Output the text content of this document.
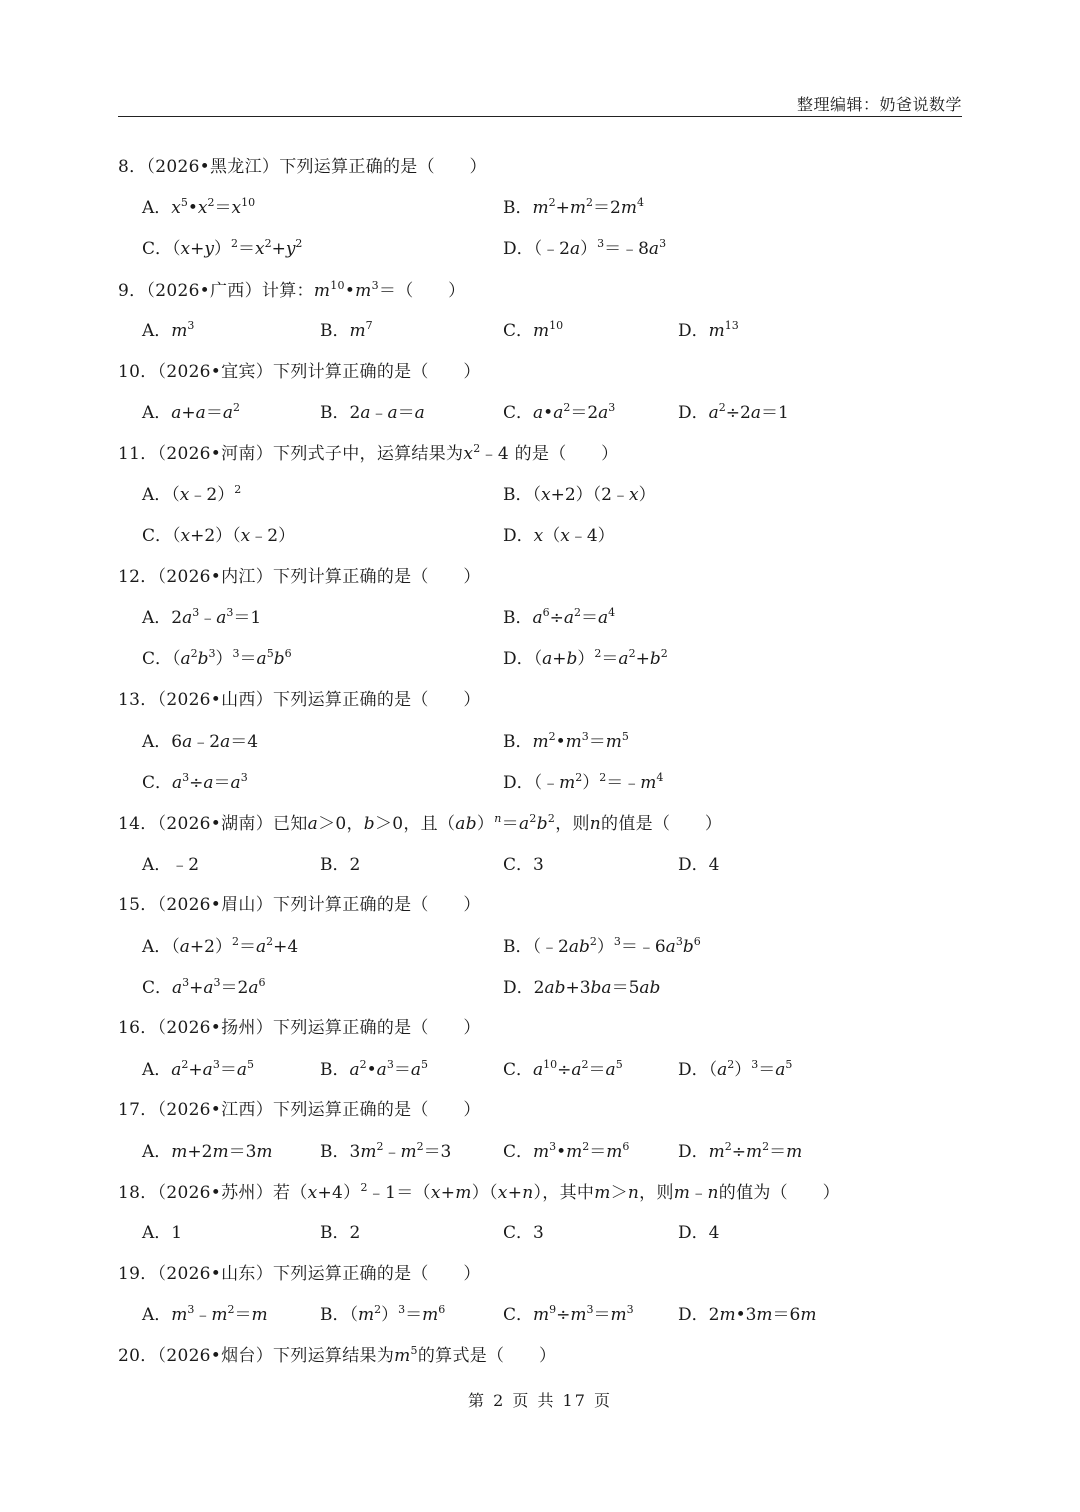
整理编辑：奶爸说数学
8．（2026•黑龙江）下列运算正确的是（　　）
A．$x^5•x^2=x^{10}$	B．$m^2+m^2=2m^4$
C．$(x+y)^2=x^2+y^2$	D．$(﹣2a)^3=﹣8a^3$
9．（2026•广西）计算：$m^{10}•m^3=$（　　）
A．$m^3$	B．$m^7$	C．$m^{10}$	D．$m^{13}$
10．（2026•宜宾）下列计算正确的是（　　）
A．$a+a=a^2$	B．2a﹣a＝a	C．$a•a^2=2a^3$	D．$a^2\div 2a=1$
11．（2026•河南）下列式子中，运算结果为$x^2﹣4$ 的是（　　）
A．（x﹣2）$^2$	B．（x+2）（2﹣x）
C．（x+2）（x﹣2）	D．x（x﹣4）
12．（2026•内江）下列计算正确的是（　　）
A．$2a^3﹣a^3=1$	B．$a^6\div a^2=a^4$
C．$(a^2b^3)^3=a^5b^6$	D．$(a+b)^2=a^2+b^2$
13．（2026•山西）下列运算正确的是（　　）
A．6a﹣2a＝4	B．$m^2•m^3=m^5$
C．$a^3\div a=a^3$	D．$(﹣m^2)^2=﹣m^4$
14．（2026•湖南）已知a＞0，b＞0，且$(ab)^n=a^2b^2$，则n的值是（　　）
A．﹣2	B．2	C．3	D．4
15．（2026•眉山）下列计算正确的是（　　）
A．$(a+2)^2=a^2+4$	B．$(﹣2ab^2)^3=﹣6a^3b^6$
C．$a^3+a^3=2a^6$	D．2ab+3ba＝5ab
16．（2026•扬州）下列运算正确的是（　　）
A．$a^2+a^3=a^5$	B．$a^2•a^3=a^5$	C．$a^{10}\div a^2=a^5$	D．$(a^2)^3=a^5$
17．（2026•江西）下列运算正确的是（　　）
A．m+2m＝3m	B．$3m^2﹣m^2=3$	C．$m^3•m^2=m^6$	D．$m^2\div m^2=m$
18．（2026•苏州）若$(x+4)^2﹣1=(x+m)(x+n)$，其中m＞n，则m﹣n的值为（　　）
A．1	B．2	C．3	D．4
19．（2026•山东）下列运算正确的是（　　）
A．$m^3﹣m^2=m$	B．$(m^2)^3=m^6$	C．$m^9\div m^3=m^3$	D．2m•3m＝6m
20．（2026•烟台）下列运算结果为$m^5$的算式是（　　）
第 2 页 共 17 页
